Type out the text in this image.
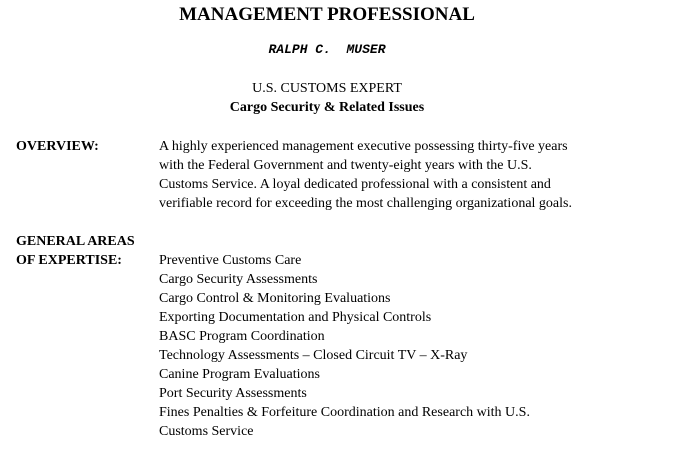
MANAGEMENT PROFESSIONAL
RALPH C.  MUSER
U.S. CUSTOMS EXPERT
Cargo Security & Related Issues
OVERVIEW:	A highly experienced management executive possessing thirty-five years
with the Federal Government and twenty-eight years with the U.S.
Customs Service. A loyal dedicated professional with a consistent and
verifiable record for exceeding the most challenging organizational goals.
GENERAL AREAS
OF EXPERTISE:	Preventive Customs Care
Cargo Security Assessments
Cargo Control & Monitoring Evaluations
Exporting Documentation and Physical Controls
BASC Program Coordination
Technology Assessments – Closed Circuit TV – X-Ray
Canine Program Evaluations
Port Security Assessments
Fines Penalties & Forfeiture Coordination and Research with U.S.
Customs Service
